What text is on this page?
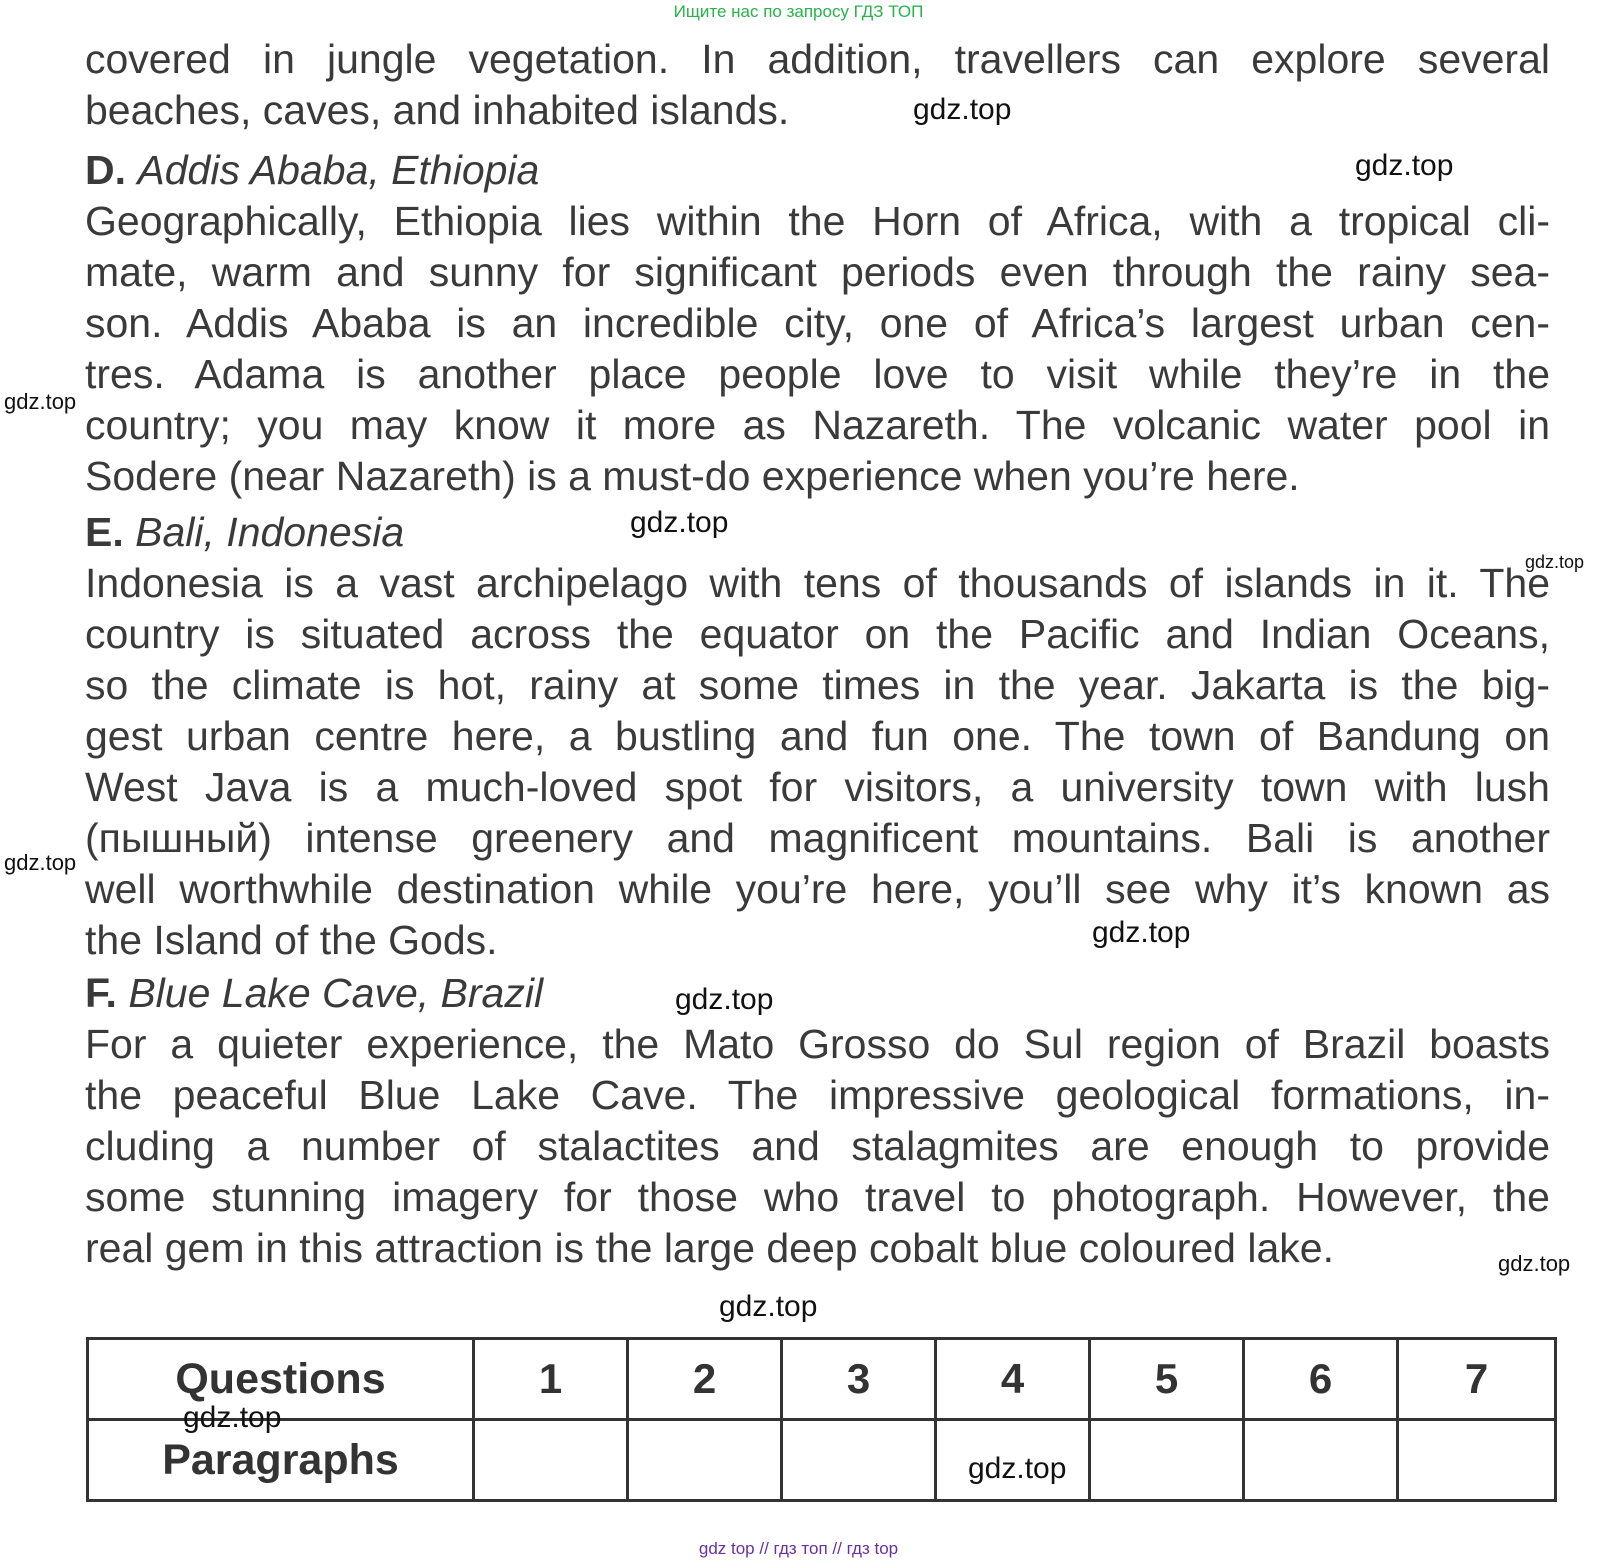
Ищите нас по запросу ГДЗ ТОП
covered in jungle vegetation. In addition, travellers can explore several
beaches, caves, and inhabited islands.
D. Addis Ababa, Ethiopia
Geographically, Ethiopia lies within the Horn of Africa, with a tropical cli-
mate, warm and sunny for significant periods even through the rainy sea-
son. Addis Ababa is an incredible city, one of Africa’s largest urban cen-
tres. Adama is another place people love to visit while they’re in the
country; you may know it more as Nazareth. The volcanic water pool in
Sodere (near Nazareth) is a must-do experience when you’re here.
E. Bali, Indonesia
Indonesia is a vast archipelago with tens of thousands of islands in it. The
country is situated across the equator on the Pacific and Indian Oceans,
so the climate is hot, rainy at some times in the year. Jakarta is the big-
gest urban centre here, a bustling and fun one. The town of Bandung on
West Java is a much-loved spot for visitors, a university town with lush
(пышный) intense greenery and magnificent mountains. Bali is another
well worthwhile destination while you’re here, you’ll see why it’s known as
the Island of the Gods.
F. Blue Lake Cave, Brazil
For a quieter experience, the Mato Grosso do Sul region of Brazil boasts
the peaceful Blue Lake Cave. The impressive geological formations, in-
cluding a number of stalactites and stalagmites are enough to provide
some stunning imagery for those who travel to photograph. However, the
real gem in this attraction is the large deep cobalt blue coloured lake.
Questions	1	2	3	4	5	6	7
Paragraphs							
gdz.top
gdz.top
gdz.top
gdz.top
gdz.top
gdz.top
gdz.top
gdz.top
gdz.top
gdz.top
gdz.top
gdz.top
gdz top // гдз топ // гдз top
